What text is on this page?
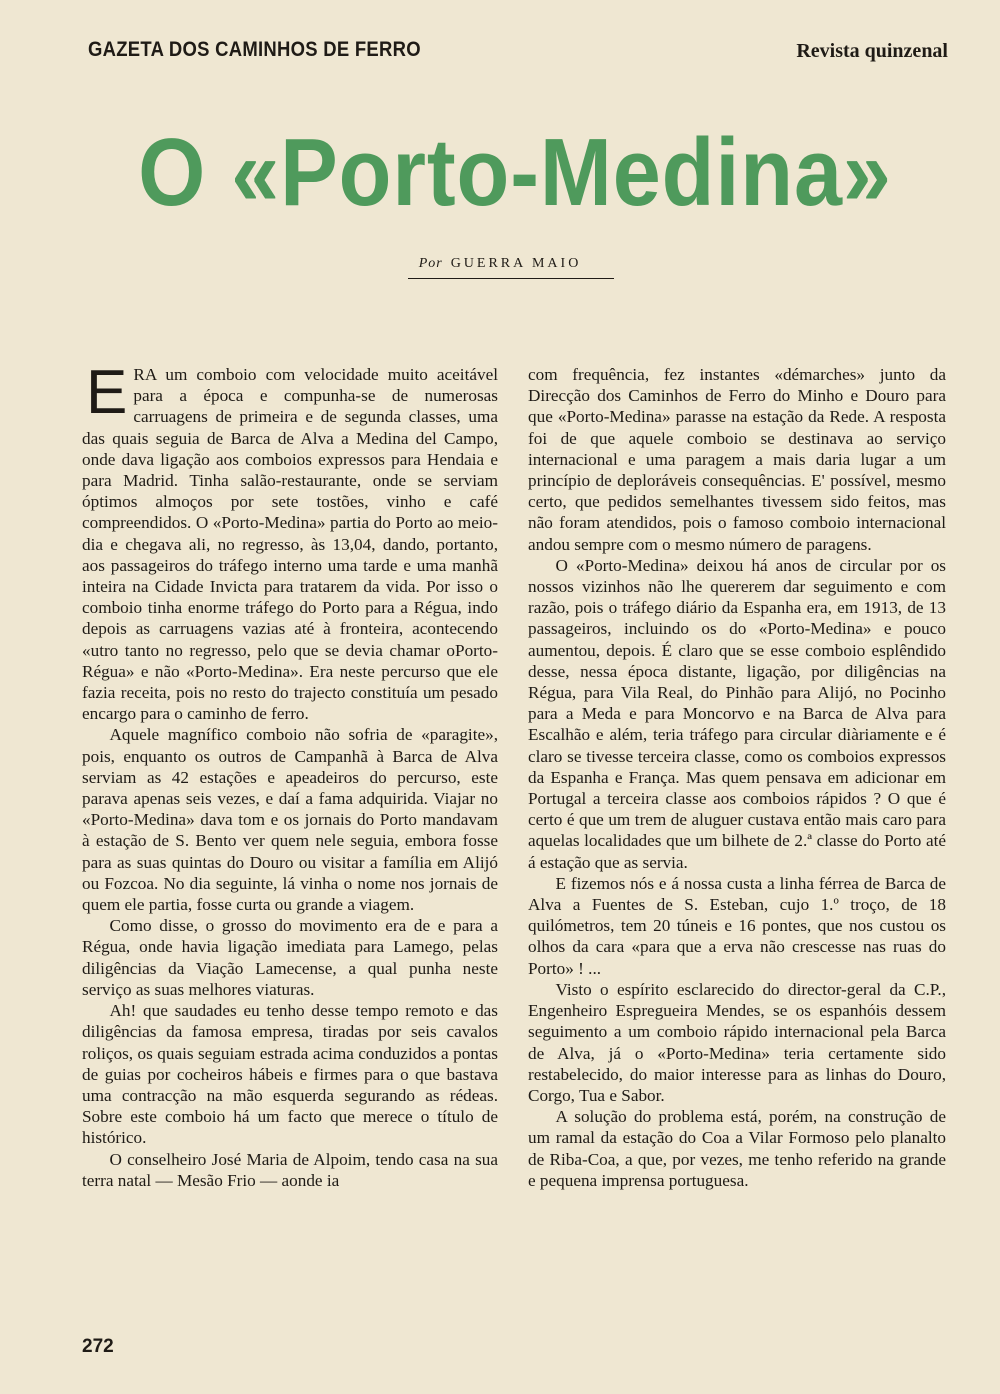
GAZETA DOS CAMINHOS DE FERRO	Revista quinzenal
O «Porto-Medina»
Por GUERRA MAIO

ERA um comboio com velocidade muito aceitável para a época e compunha-se de numerosas carruagens de primeira e de segunda classes, uma das quais seguia de Barca de Alva a Medina del Campo, onde dava ligação aos comboios expressos para Hendaia e para Madrid. Tinha salão-restaurante, onde se serviam óptimos almoços por sete tostões, vinho e café compreendidos. O «Porto-Medina» partia do Porto ao meio-dia e chegava ali, no regresso, às 13,04, dando, portanto, aos passageiros do tráfego interno uma tarde e uma manhã inteira na Cidade Invicta para tratarem da vida. Por isso o comboio tinha enorme tráfego do Porto para a Régua, indo depois as carruagens vazias até à fronteira, acontecendo «utro tanto no regresso, pelo que se devia chamar oPorto-Régua» e não «Porto-Medina». Era neste percurso que ele fazia receita, pois no resto do trajecto constituía um pesado encargo para o caminho de ferro.

Aquele magnífico comboio não sofria de «paragite», pois, enquanto os outros de Campanhã à Barca de Alva serviam as 42 estações e apeadeiros do percurso, este parava apenas seis vezes, e daí a fama adquirida. Viajar no «Porto-Medina» dava tom e os jornais do Porto mandavam à estação de S. Bento ver quem nele seguia, embora fosse para as suas quintas do Douro ou visitar a família em Alijó ou Fozcoa. No dia seguinte, lá vinha o nome nos jornais de quem ele partia, fosse curta ou grande a viagem.

Como disse, o grosso do movimento era de e para a Régua, onde havia ligação imediata para Lamego, pelas diligências da Viação Lamecense, a qual punha neste serviço as suas melhores viaturas.

Ah! que saudades eu tenho desse tempo remoto e das diligências da famosa empresa, tiradas por seis cavalos roliços, os quais seguiam estrada acima conduzidos a pontas de guias por cocheiros hábeis e firmes para o que bastava uma contracção na mão esquerda segurando as rédeas. Sobre este comboio há um facto que merece o título de histórico.

O conselheiro José Maria de Alpoim, tendo casa na sua terra natal — Mesão Frio — aonde ia

com frequência, fez instantes «démarches» junto da Direcção dos Caminhos de Ferro do Minho e Douro para que «Porto-Medina» parasse na estação da Rede. A resposta foi de que aquele comboio se destinava ao serviço internacional e uma paragem a mais daria lugar a um princípio de deploráveis consequências. E' possível, mesmo certo, que pedidos semelhantes tivessem sido feitos, mas não foram atendidos, pois o famoso comboio internacional andou sempre com o mesmo número de paragens.

O «Porto-Medina» deixou há anos de circular por os nossos vizinhos não lhe quererem dar seguimento e com razão, pois o tráfego diário da Espanha era, em 1913, de 13 passageiros, incluindo os do «Porto-Medina» e pouco aumentou, depois. É claro que se esse comboio esplêndido desse, nessa época distante, ligação, por diligências na Régua, para Vila Real, do Pinhão para Alijó, no Pocinho para a Meda e para Moncorvo e na Barca de Alva para Escalhão e além, teria tráfego para circular diàriamente e é claro se tivesse terceira classe, como os comboios expressos da Espanha e França. Mas quem pensava em adicionar em Portugal a terceira classe aos comboios rápidos ? O que é certo é que um trem de aluguer custava então mais caro para aquelas localidades que um bilhete de 2.ª classe do Porto até á estação que as servia.

E fizemos nós e á nossa custa a linha férrea de Barca de Alva a Fuentes de S. Esteban, cujo 1.º troço, de 18 quilómetros, tem 20 túneis e 16 pontes, que nos custou os olhos da cara «para que a erva não crescesse nas ruas do Porto» ! ...

Visto o espírito esclarecido do director-geral da C.P., Engenheiro Espregueira Mendes, se os espanhóis dessem seguimento a um comboio rápido internacional pela Barca de Alva, já o «Porto-Medina» teria certamente sido restabelecido, do maior interesse para as linhas do Douro, Corgo, Tua e Sabor.

A solução do problema está, porém, na construção de um ramal da estação do Coa a Vilar Formoso pelo planalto de Riba-Coa, a que, por vezes, me tenho referido na grande e pequena imprensa portuguesa.

272
